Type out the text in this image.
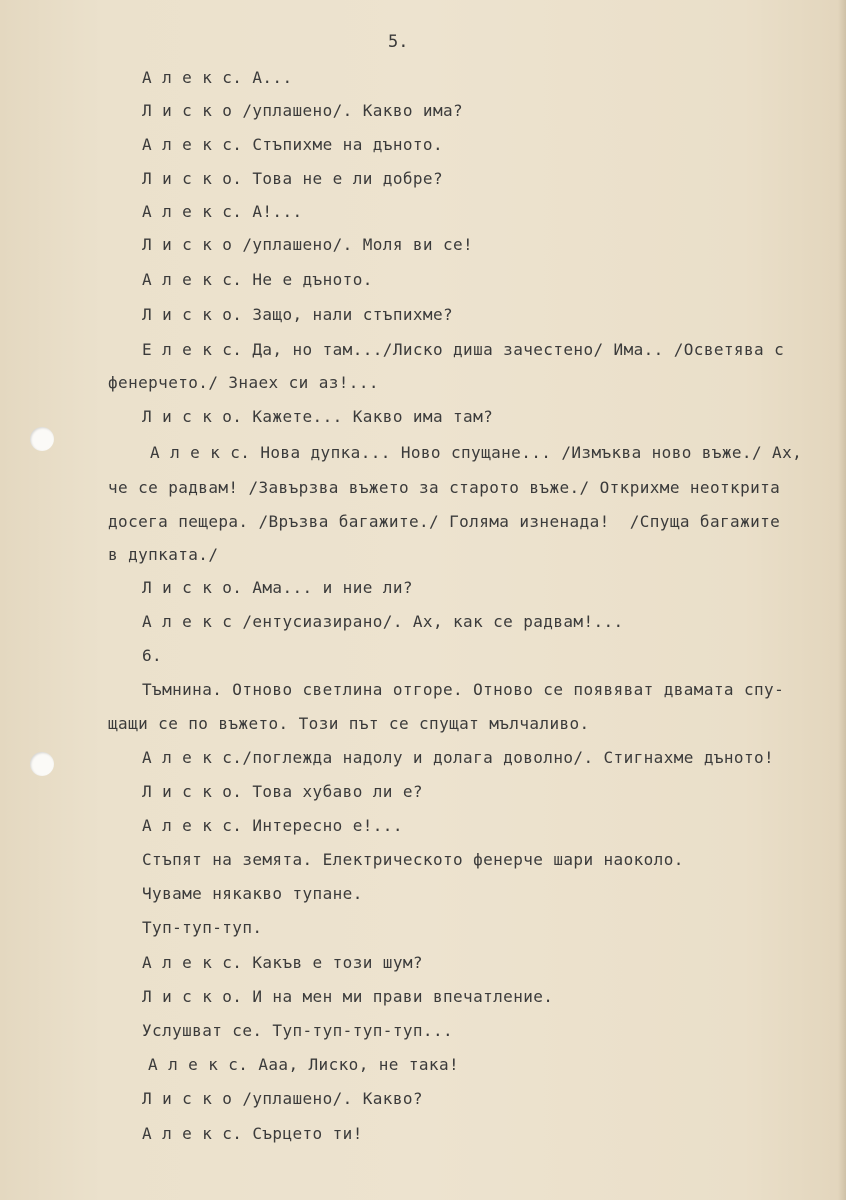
5.
А л е к с. А...
Л и с к о /уплашено/. Какво има?
А л е к с. Стъпихме на дъното.
Л и с к о. Това не е ли добре?
А л е к с. А!...
Л и с к о /уплашено/. Моля ви се!
А л е к с. Не е дъното.
Л и с к о. Защо, нали стъпихме?
Е л е к с. Да, но там.../Лиско диша зачестено/ Има.. /Осветява с
фенерчето./ Знаех си аз!...
Л и с к о. Кажете... Какво има там?
А л е к с. Нова дупка... Ново спущане... /Измъква ново въже./ Ах,
че се радвам! /Завързва въжето за старото въже./ Открихме неоткрита
досега пещера. /Връзва багажите./ Голяма изненада!  /Спуща багажите
в дупката./
Л и с к о. Ама... и ние ли?
А л е к с /ентусиазирано/. Ах, как се радвам!...
6.
Тъмнина. Отново светлина отгоре. Отново се появяват двамата спу-
щащи се по въжето. Този път се спущат мълчаливо.
А л е к с./поглежда надолу и долага доволно/. Стигнахме дъното!
Л и с к о. Това хубаво ли е?
А л е к с. Интересно е!...
Стъпят на земята. Електрическото фенерче шари наоколо.
Чуваме някакво тупане.
Туп-туп-туп.
А л е к с. Какъв е този шум?
Л и с к о. И на мен ми прави впечатление.
Услушват се. Туп-туп-туп-туп...
А л е к с. Ааа, Лиско, не така!
Л и с к о /уплашено/. Какво?
А л е к с. Сърцето ти!
